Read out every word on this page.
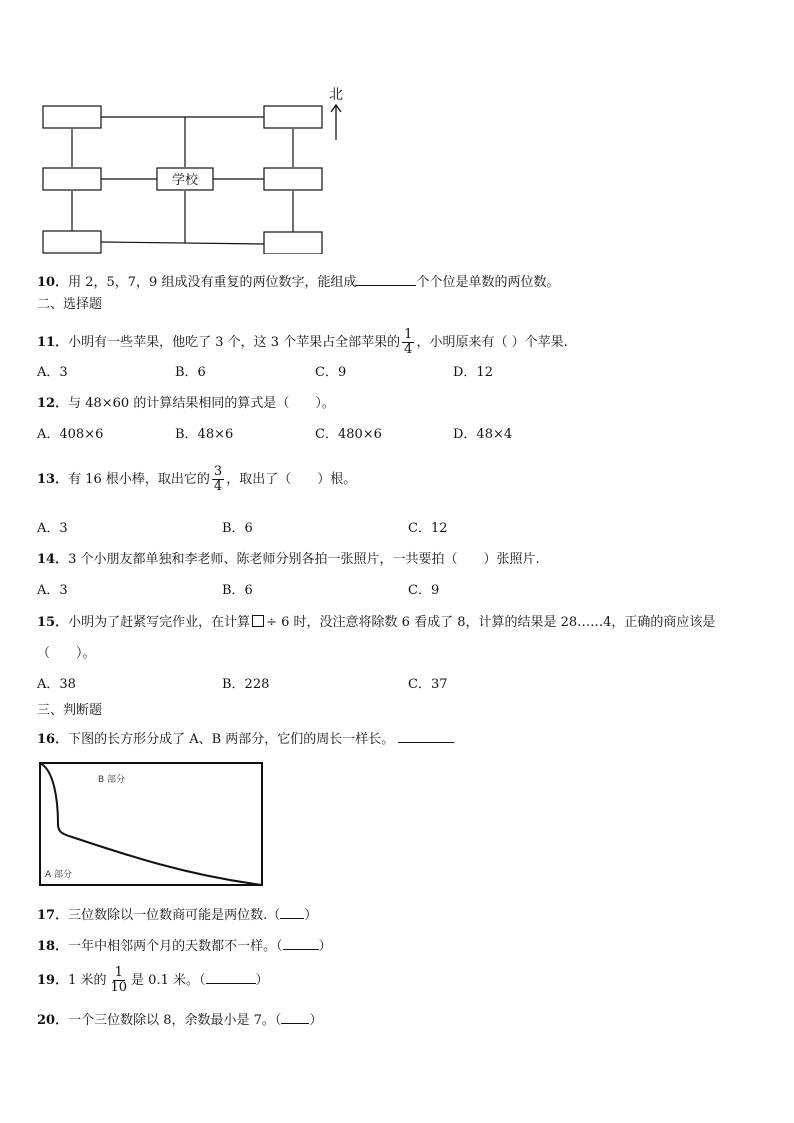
学校
北
10．用 2，5，7，9 组成没有重复的两位数字，能组成	个个位是单数的两位数。
二、选择题
11．小明有一些苹果，他吃了 3 个，这 3 个苹果占全部苹果的 $\frac{1}{4}$ ，小明原来有（ ）个苹果.
A．3	B．6	C．9	D．12
12．与 48×60 的计算结果相同的算式是（　　）。
A．408×6	B．48×6	C．480×6	D．48×4
13．有 16 根小棒，取出它的 $\frac{3}{4}$ ，取出了（　　）根。
A．3	B．6	C．12
14．3 个小朋友都单独和李老师、陈老师分别各拍一张照片，一共要拍（　　）张照片.
A．3	B．6	C．9
15．小明为了赶紧写完作业，在计算 ÷ 6 时，没注意将除数 6 看成了 8，计算的结果是 28……4，正确的商应该是
（　　）。
A．38	B．228	C．37
三、判断题
16．下图的长方形分成了 A、B 两部分，它们的周长一样长。
B 部分
A 部分
17．三位数除以一位数商可能是两位数.（ ）
18．一年中相邻两个月的天数都不一样。（	）
19．1 米的 $\frac{1}{10}$ 是 0.1 米。（	）
20．一个三位数除以 8，余数最小是 7。（ ）
